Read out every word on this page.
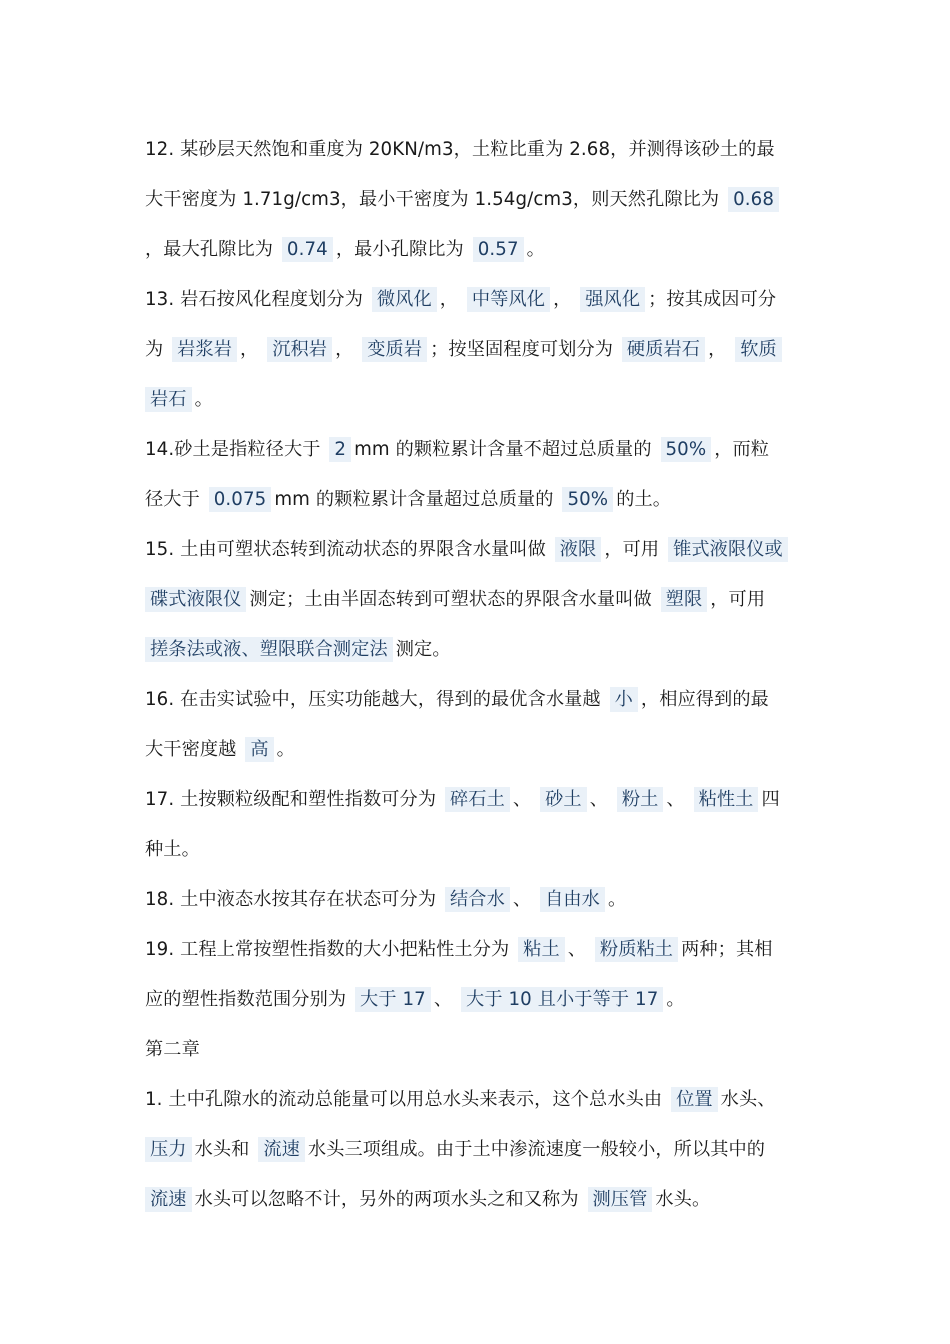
12. 某砂层天然饱和重度为 20KN/m3，土粒比重为 2.68，并测得该砂土的最
大干密度为 1.71g/cm3，最小干密度为 1.54g/cm3，则天然孔隙比为 0.68
，最大孔隙比为 0.74 ，最小孔隙比为 0.57 。
13. 岩石按风化程度划分为 微风化 ， 中等风化 ， 强风化 ；按其成因可分
为 岩浆岩 ， 沉积岩 ， 变质岩 ；按坚固程度可划分为 硬质岩石 ， 软质
岩石 。
14.砂土是指粒径大于 2 mm 的颗粒累计含量不超过总质量的 50% ，而粒
径大于 0.075 mm 的颗粒累计含量超过总质量的 50% 的土。
15. 土由可塑状态转到流动状态的界限含水量叫做 液限 ，可用 锥式液限仪或
碟式液限仪 测定；土由半固态转到可塑状态的界限含水量叫做 塑限 ，可用
搓条法或液、塑限联合测定法 测定。
16. 在击实试验中，压实功能越大，得到的最优含水量越 小 ，相应得到的最
大干密度越 高 。
17. 土按颗粒级配和塑性指数可分为 碎石土 、 砂土 、 粉土 、 粘性土 四
种土。
18. 土中液态水按其存在状态可分为 结合水 、 自由水 。
19. 工程上常按塑性指数的大小把粘性土分为 粘土 、 粉质粘土 两种；其相
应的塑性指数范围分别为 大于 17 、 大于 10 且小于等于 17 。
第二章
1. 土中孔隙水的流动总能量可以用总水头来表示，这个总水头由 位置 水头、
压力 水头和 流速 水头三项组成。由于土中渗流速度一般较小，所以其中的
流速 水头可以忽略不计，另外的两项水头之和又称为 测压管 水头。
